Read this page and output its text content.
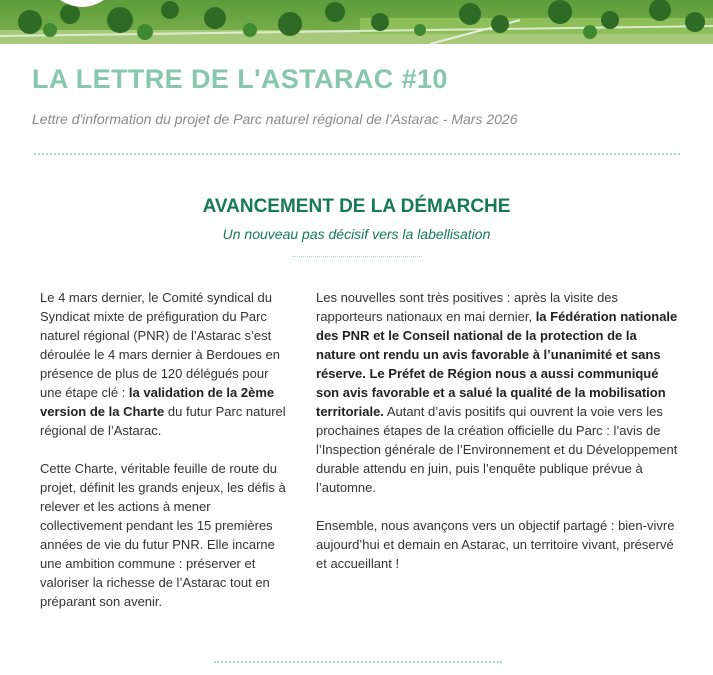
LA LETTRE DE L'ASTARAC #10

Lettre d'information du projet de Parc naturel régional de l'Astarac - Mars 2026

AVANCEMENT DE LA DÉMARCHE

Un nouveau pas décisif vers la labellisation

Le 4 mars dernier, le Comité syndical du Syndicat mixte de préfiguration du Parc naturel régional (PNR) de l’Astarac s’est déroulée le 4 mars dernier à Berdoues en présence de plus de 120 délégués pour une étape clé : la validation de la 2ème version de la Charte du futur Parc naturel régional de l’Astarac.

Cette Charte, véritable feuille de route du projet, définit les grands enjeux, les défis à relever et les actions à mener collectivement pendant les 15 premières années de vie du futur PNR. Elle incarne une ambition commune : préserver et valoriser la richesse de l’Astarac tout en préparant son avenir.

Les nouvelles sont très positives : après la visite des rapporteurs nationaux en mai dernier, la Fédération nationale des PNR et le Conseil national de la protection de la nature ont rendu un avis favorable à l’unanimité et sans réserve. Le Préfet de Région nous a aussi communiqué son avis favorable et a salué la qualité de la mobilisation territoriale. Autant d’avis positifs qui ouvrent la voie vers les prochaines étapes de la création officielle du Parc : l’avis de l’Inspection générale de l’Environnement et du Développement durable attendu en juin, puis l’enquête publique prévue à l’automne.

Ensemble, nous avançons vers un objectif partagé : bien-vivre aujourd’hui et demain en Astarac, un territoire vivant, préservé et accueillant !
